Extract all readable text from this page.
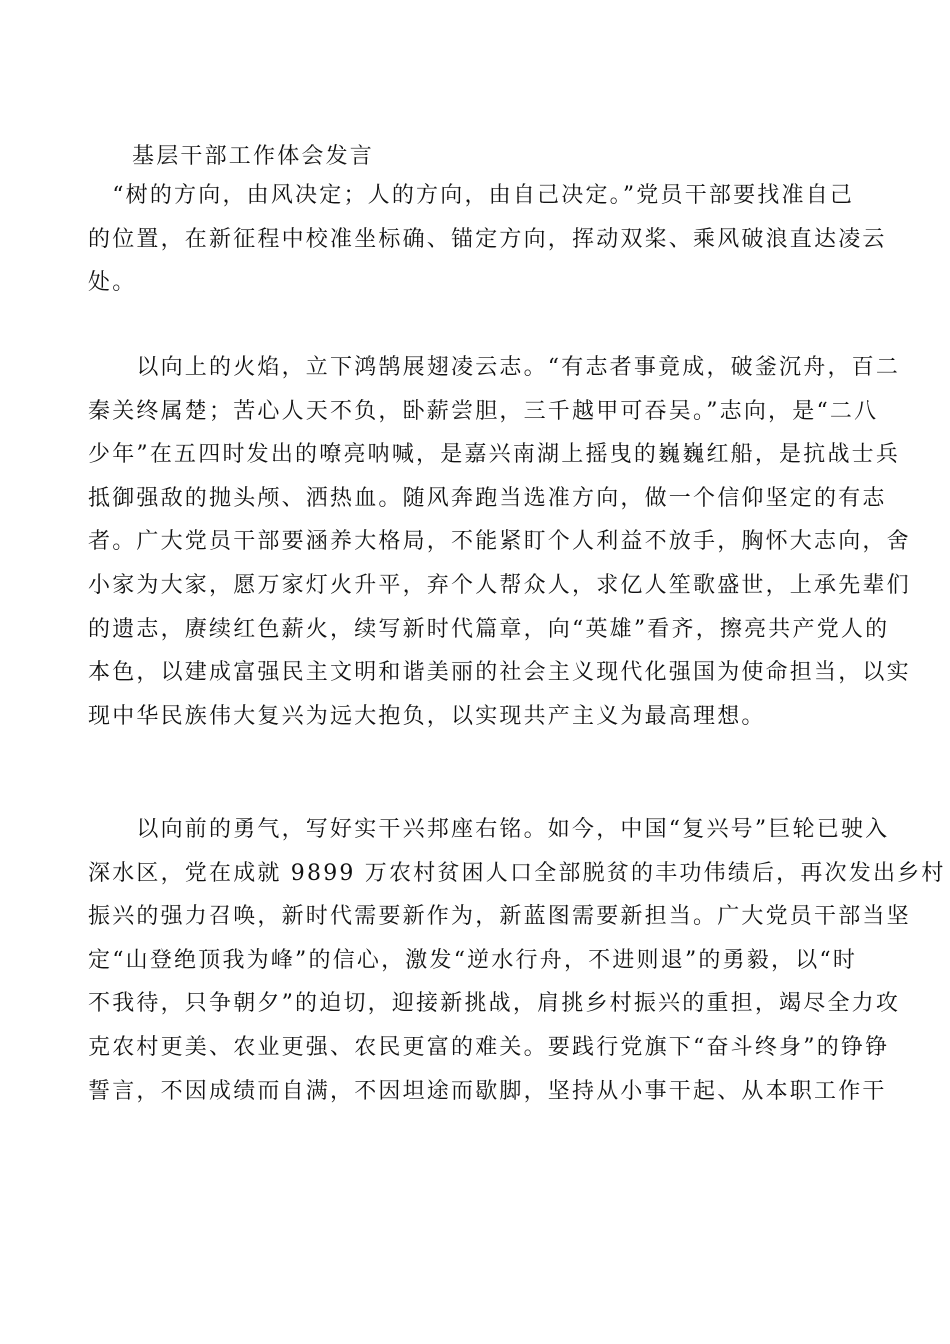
基层干部工作体会发言
　“树的方向，由风决定；人的方向，由自己决定。”党员干部要找准自己
的位置，在新征程中校准坐标确、锚定方向，挥动双桨、乘风破浪直达凌云
处。
　　以向上的火焰，立下鸿鹄展翅凌云志。“有志者事竟成，破釜沉舟，百二
秦关终属楚；苦心人天不负，卧薪尝胆，三千越甲可吞吴。”志向，是“二八
少年”在五四时发出的嘹亮呐喊，是嘉兴南湖上摇曳的巍巍红船，是抗战士兵
抵御强敌的抛头颅、洒热血。随风奔跑当选准方向，做一个信仰坚定的有志
者。广大党员干部要涵养大格局，不能紧盯个人利益不放手，胸怀大志向，舍
小家为大家，愿万家灯火升平，弃个人帮众人，求亿人笙歌盛世，上承先辈们
的遗志，赓续红色薪火，续写新时代篇章，向“英雄”看齐，擦亮共产党人的
本色，以建成富强民主文明和谐美丽的社会主义现代化强国为使命担当，以实
现中华民族伟大复兴为远大抱负，以实现共产主义为最高理想。
　　以向前的勇气，写好实干兴邦座右铭。如今，中国“复兴号”巨轮已驶入
深水区，党在成就 9899 万农村贫困人口全部脱贫的丰功伟绩后，再次发出乡村
振兴的强力召唤，新时代需要新作为，新蓝图需要新担当。广大党员干部当坚
定“山登绝顶我为峰”的信心，激发“逆水行舟，不进则退”的勇毅，以“时
不我待，只争朝夕”的迫切，迎接新挑战，肩挑乡村振兴的重担，竭尽全力攻
克农村更美、农业更强、农民更富的难关。要践行党旗下“奋斗终身”的铮铮
誓言，不因成绩而自满，不因坦途而歇脚，坚持从小事干起、从本职工作干
